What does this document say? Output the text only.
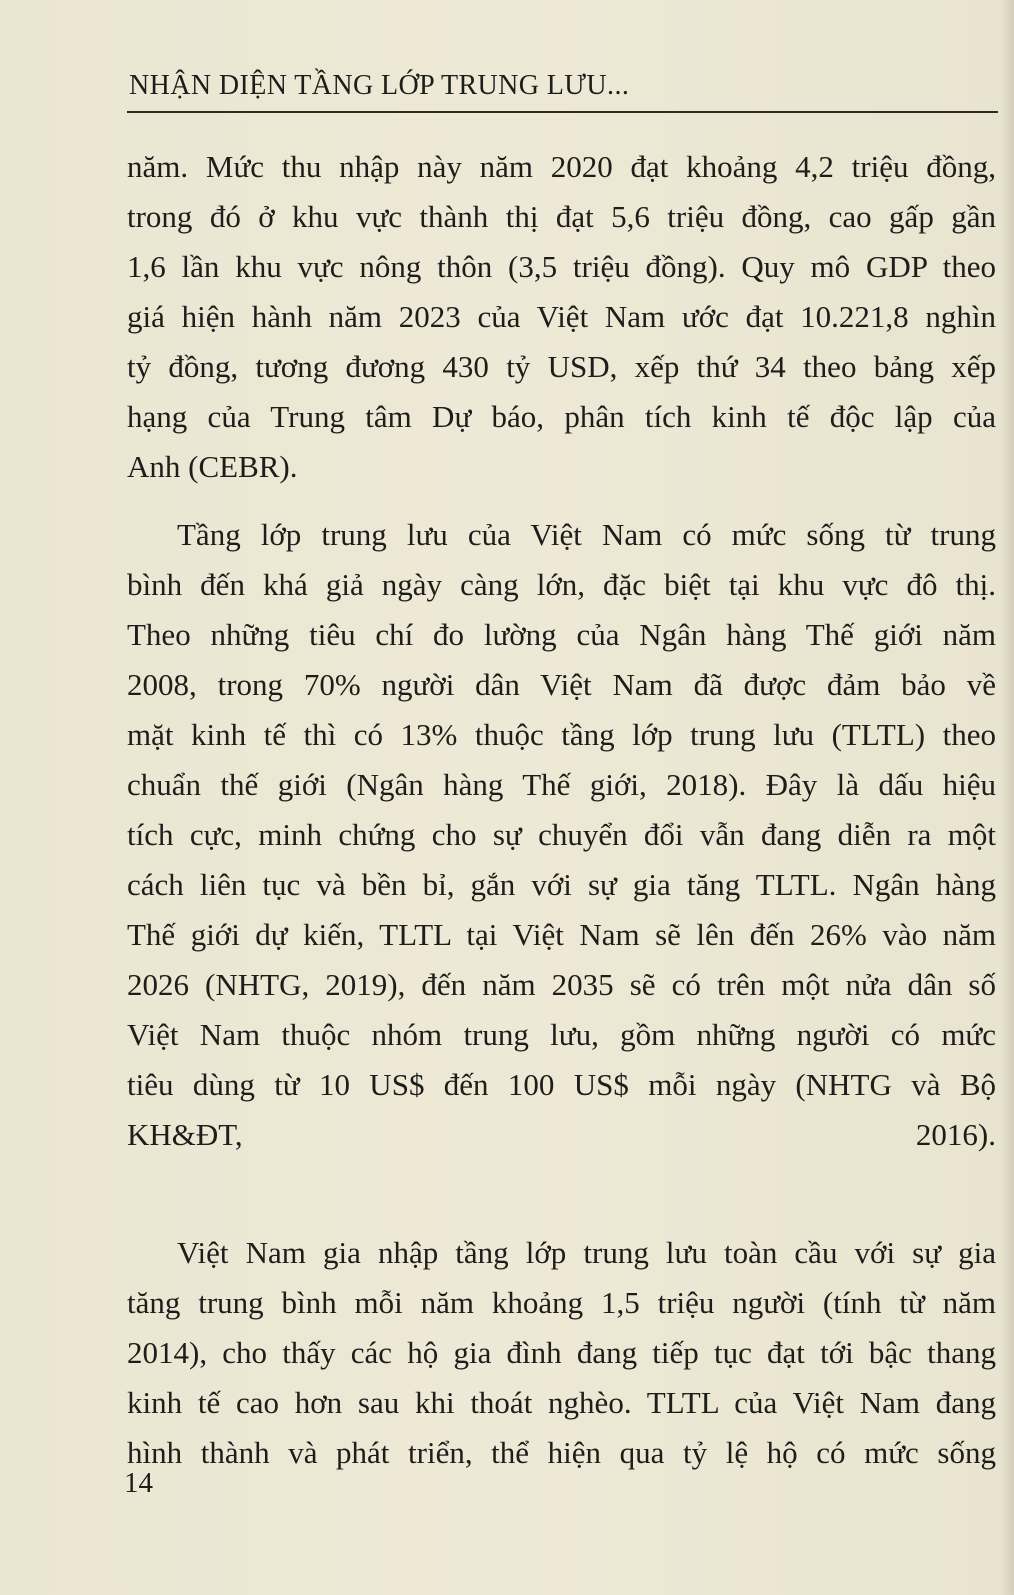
NHẬN DIỆN TẦNG LỚP TRUNG LƯU...
năm. Mức thu nhập này năm 2020 đạt khoảng 4,2 triệu đồng,
trong đó ở khu vực thành thị đạt 5,6 triệu đồng, cao gấp gần
1,6 lần khu vực nông thôn (3,5 triệu đồng). Quy mô GDP theo
giá hiện hành năm 2023 của Việt Nam ước đạt 10.221,8 nghìn
tỷ đồng, tương đương 430 tỷ USD, xếp thứ 34 theo bảng xếp
hạng của Trung tâm Dự báo, phân tích kinh tế độc lập của
Anh (CEBR).
Tầng lớp trung lưu của Việt Nam có mức sống từ trung
bình đến khá giả ngày càng lớn, đặc biệt tại khu vực đô thị.
Theo những tiêu chí đo lường của Ngân hàng Thế giới năm
2008, trong 70% người dân Việt Nam đã được đảm bảo về
mặt kinh tế thì có 13% thuộc tầng lớp trung lưu (TLTL) theo
chuẩn thế giới (Ngân hàng Thế giới, 2018). Đây là dấu hiệu
tích cực, minh chứng cho sự chuyển đổi vẫn đang diễn ra một
cách liên tục và bền bỉ, gắn với sự gia tăng TLTL. Ngân hàng
Thế giới dự kiến, TLTL tại Việt Nam sẽ lên đến 26% vào năm
2026 (NHTG, 2019), đến năm 2035 sẽ có trên một nửa dân số
Việt Nam thuộc nhóm trung lưu, gồm những người có mức
tiêu dùng từ 10 US$ đến 100 US$ mỗi ngày (NHTG và Bộ
KH&ĐT, 2016).
Việt Nam gia nhập tầng lớp trung lưu toàn cầu với sự gia
tăng trung bình mỗi năm khoảng 1,5 triệu người (tính từ năm
2014), cho thấy các hộ gia đình đang tiếp tục đạt tới bậc thang
kinh tế cao hơn sau khi thoát nghèo. TLTL của Việt Nam đang
hình thành và phát triển, thể hiện qua tỷ lệ hộ có mức sống
14
